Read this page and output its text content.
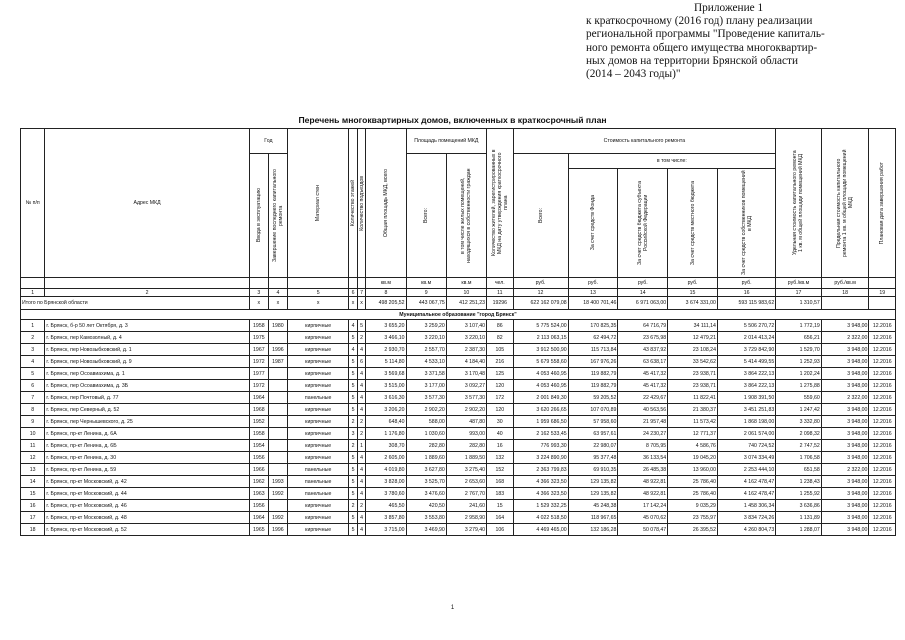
Приложение 1
к краткосрочному (2016 год) плану реализации
региональной программы "Проведение капиталь-
ного ремонта общего имущества многоквартир-
ных домов на территории Брянской области
(2014 – 2043 годы)"
Перечень многоквартирных домов, включенных в краткосрочный план
№ п/п	Адрес МКД	Год		Материал стен	Количество этажей	Количество подъездов	Общая площадь МКД, всего	Площадь помещений МКД		Количество жителей, зарегистрированных в МКД на дату утверждения краткосрочного плана	Стоимость капитального ремонта					Удельная стоимость капитального ремонта 1 кв. м общей площади помещений МКД	Предельная стоимость капитального ремонта 1 кв. м общей площади помещений МКД	Плановая дата завершения работ

		Ввода в эксплуатацию	Завершение последнего капитального ремонта					Всего:	в том числе жилых помещений, находящихся в собственности граждан		Всего:	в том числе:						

												За счет средств Фонда	За счет средств бюджета субъекта Российской Федерации	За счет средств местного бюджета	За счет средств собственников помещений в МКД			

							кв.м	кв.м	кв.м	чел.	руб.	руб.	руб.	руб.	руб.	руб./кв.м	руб./кв.м	
1	2	3	4	5	6	7	8	9	10	11	12	13	14	15	16	17	18	19
Итого по Брянской области		x	x	x	x	x	498 205,52	443 067,75	412 251,23	19296	622 162 079,08	18 400 701,46	6 971 063,00	3 674 331,00	593 115 983,62	1 310,57		
Муниципальное образование "город Брянск"																		
1	г. Брянск, б-р 50 лет Октября, д. 3	1958	1980	кирпичные	4	5	3 655,20	3 259,20	3 107,40	86	5 775 524,00	170 825,35	64 716,79	34 111,14	5 506 270,72	1 772,19	3 948,00	12.2016
2	г. Брянск, пер Камозолный, д. 4	1975		кирпичные	5	2	3 466,10	3 220,10	3 220,10	82	2 113 063,15	62 494,72	23 675,98	12 479,21	2 014 413,24	656,21	2 322,00	12.2016
3	г. Брянск, пер Новозыбковский, д. 1	1967	1996	кирпичные	4	4	2 930,70	2 557,70	2 387,30	105	3 912 500,90	115 713,84	43 837,92	23 108,24	3 729 842,90	1 529,70	3 948,00	12.2016
4	г. Брянск, пер Новозыбковский, д. 9	1972	1987	кирпичные	5	6	5 114,80	4 533,10	4 184,40	216	5 679 558,60	167 976,26	63 638,17	33 542,62	5 414 499,55	1 252,93	3 948,00	12.2016
5	г. Брянск, пер Осоавиахима, д. 1	1977		кирпичные	5	4	3 569,68	3 371,58	3 170,48	125	4 053 460,95	119 882,79	45 417,32	23 938,71	3 864 222,13	1 202,24	3 948,00	12.2016
6	г. Брянск, пер Осоавиахима, д. 3Б	1972		кирпичные	5	4	3 515,00	3 177,00	3 092,27	120	4 053 460,95	119 882,79	45 417,32	23 938,71	3 864 222,13	1 275,88	3 948,00	12.2016
7	г. Брянск, пер Почтовый, д. 77	1964		панельные	5	4	3 616,30	3 577,30	3 577,30	172	2 001 849,30	59 205,52	22 429,67	11 822,41	1 908 391,50	559,60	2 322,00	12.2016
8	г. Брянск, пер Северный, д. 52	1968		кирпичные	5	4	3 206,20	2 902,20	2 902,20	120	3 620 266,65	107 070,89	40 563,56	21 380,37	3 451 251,83	1 247,42	3 948,00	12.2016
9	г. Брянск, пер Чернышевского, д. 25	1952		кирпичные	2	2	648,40	588,00	487,80	30	1 959 686,50	57 958,60	21 957,48	11 573,42	1 868 198,00	3 332,80	3 948,00	12.2016
10	г. Брянск, пр-кт Ленина, д. 6А	1958		кирпичные	3	2	1 176,80	1 030,60	993,00	40	2 162 533,45	63 957,61	24 230,27	12 771,37	2 061 574,00	2 098,32	3 948,00	12.2016
11	г. Брянск, пр-кт Ленина, д. 6Б	1954		кирпичные	2	1	308,70	282,80	282,80	16	776 993,30	22 980,07	8 705,95	4 586,76	740 724,52	2 747,52	3 948,00	12.2016
12	г. Брянск, пр-кт Ленина, д. 30	1956		кирпичные	5	4	2 605,00	1 889,60	1 889,50	132	3 224 890,90	95 377,48	36 133,54	19 045,20	3 074 334,49	1 706,58	3 948,00	12.2016
13	г. Брянск, пр-кт Ленина, д. 59	1966		панельные	5	4	4 019,80	3 627,80	3 275,40	152	2 363 799,83	69 910,35	26 485,38	13 960,00	2 253 444,10	651,58	2 322,00	12.2016
14	г. Брянск, пр-кт Московский, д. 42	1962	1993	панельные	5	4	3 828,00	3 525,70	2 653,60	168	4 366 323,50	129 135,82	48 922,81	25 786,40	4 162 478,47	1 238,43	3 948,00	12.2016
15	г. Брянск, пр-кт Московский, д. 44	1963	1992	панельные	5	4	3 780,60	3 476,60	2 767,70	183	4 366 323,50	129 135,82	48 922,81	25 786,40	4 162 478,47	1 255,92	3 948,00	12.2016
16	г. Брянск, пр-кт Московский, д. 46	1956		кирпичные	2	2	465,50	420,50	241,60	15	1 529 332,25	45 248,38	17 142,24	9 035,29	1 458 306,34	3 636,86	3 948,00	12.2016
17	г. Брянск, пр-кт Московский, д. 48	1964	1992	кирпичные	5	4	3 857,80	3 553,80	2 958,90	164	4 022 518,50	118 967,65	45 070,62	23 755,97	3 834 724,26	1 131,89	3 948,00	12.2016
18	г. Брянск, пр-кт Московский, д. 52	1965	1996	кирпичные	5	4	3 715,00	3 469,90	3 279,40	106	4 469 465,00	132 186,28	50 078,47	26 395,52	4 260 804,73	1 288,07	3 948,00	12.2016
1
